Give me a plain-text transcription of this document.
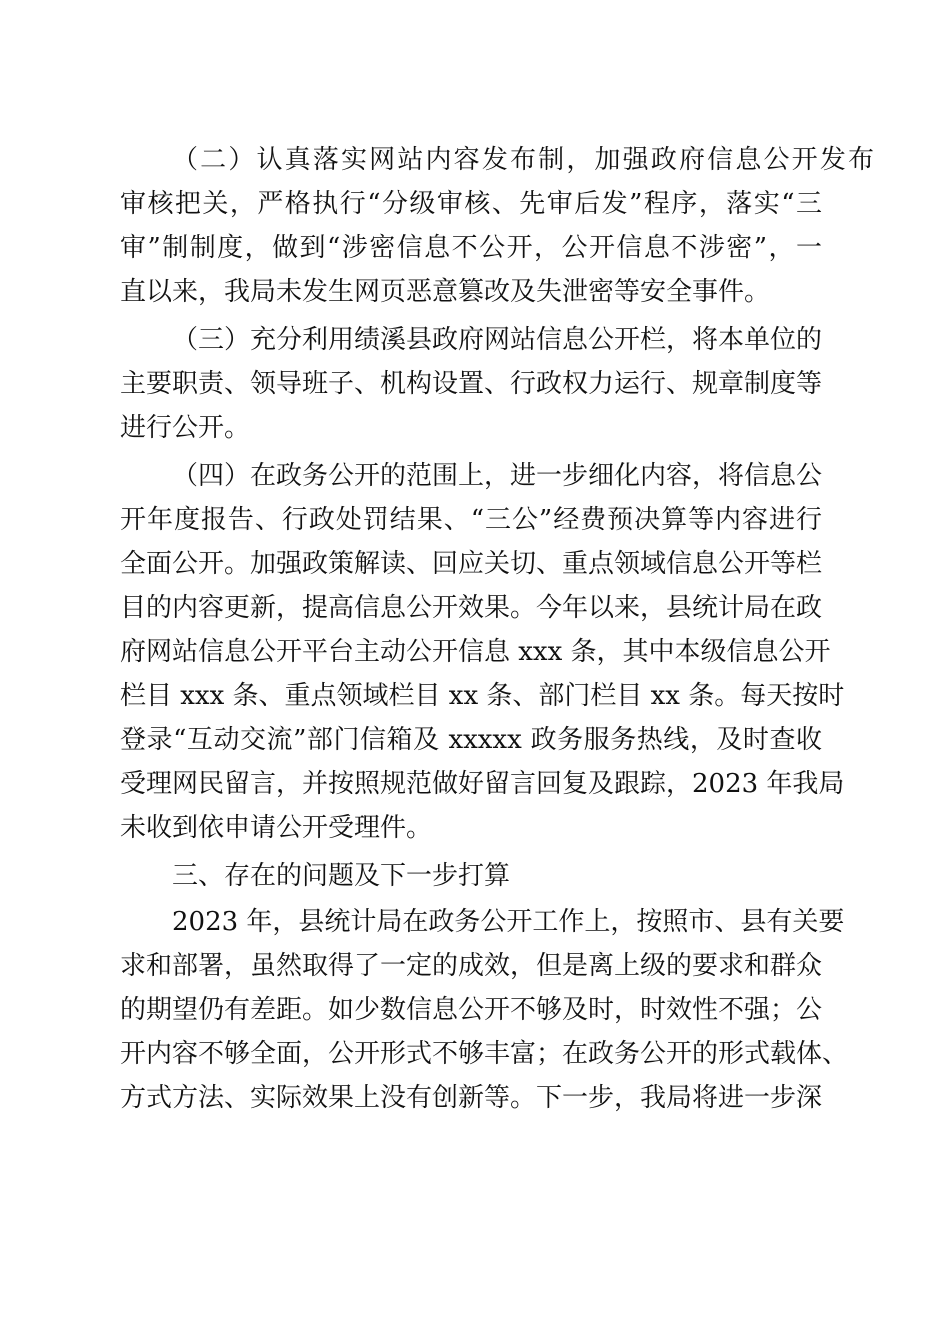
（二）认真落实网站内容发布制，加强政府信息公开发布
审核把关，严格执行“分级审核、先审后发”程序，落实“三
审”制制度，做到“涉密信息不公开，公开信息不涉密”，一
直以来，我局未发生网页恶意篡改及失泄密等安全事件。
（三）充分利用绩溪县政府网站信息公开栏，将本单位的
主要职责、领导班子、机构设置、行政权力运行、规章制度等
进行公开。
（四）在政务公开的范围上，进一步细化内容，将信息公
开年度报告、行政处罚结果、“三公”经费预决算等内容进行
全面公开。加强政策解读、回应关切、重点领域信息公开等栏
目的内容更新，提高信息公开效果。今年以来，县统计局在政
府网站信息公开平台主动公开信息 xxx 条，其中本级信息公开
栏目 xxx 条、重点领域栏目 xx 条、部门栏目 xx 条。每天按时
登录“互动交流”部门信箱及 xxxxx 政务服务热线，及时查收
受理网民留言，并按照规范做好留言回复及跟踪，2023 年我局
未收到依申请公开受理件。
三、存在的问题及下一步打算
2023 年，县统计局在政务公开工作上，按照市、县有关要
求和部署，虽然取得了一定的成效，但是离上级的要求和群众
的期望仍有差距。如少数信息公开不够及时，时效性不强；公
开内容不够全面，公开形式不够丰富；在政务公开的形式载体、
方式方法、实际效果上没有创新等。下一步，我局将进一步深
